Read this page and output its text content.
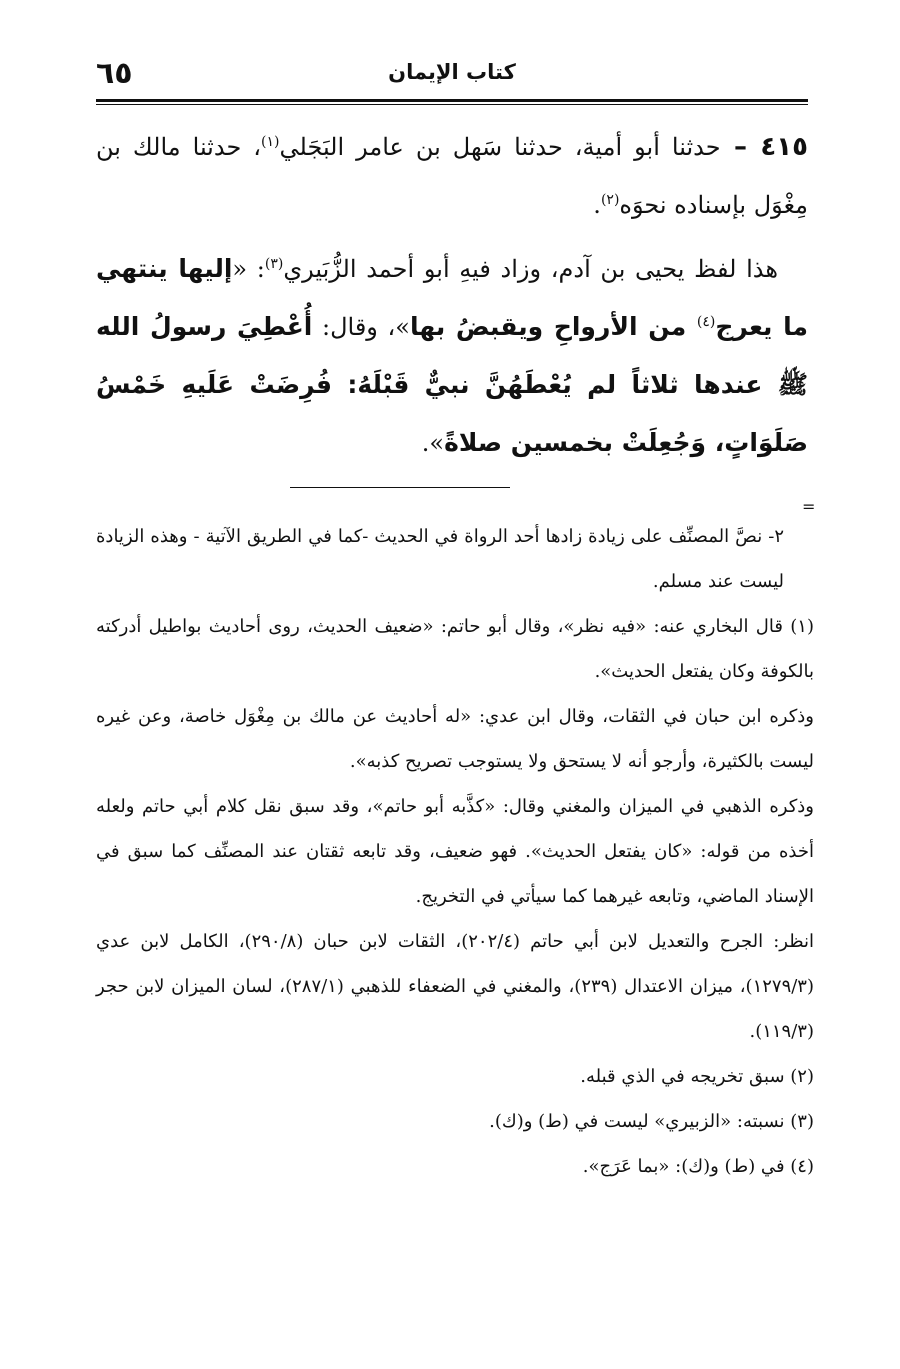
كتاب الإيمان
٦٥

٤١٥ – حدثنا أبو أمية، حدثنا سَهل بن عامر البَجَلي$^{(١)}$، حدثنا مالك بن مِغْوَل بإسناده نحوَه$^{(٢)}$.

هذا لفظ يحيى بن آدم، وزاد فيهِ أبو أحمد الزُّبَيري$^{(٣)}$: «إليها ينتهي ما يعرج$^{(٤)}$ من الأرواحِ ويقبضُ بها»، وقال: أُعْطِيَ رسولُ الله ﷺ عندها ثلاثاً لم يُعْطَهُنَّ نبيٌّ قَبْلَهُ: فُرِضَتْ عَلَيهِ خَمْسُ صَلَوَاتٍ، وَجُعِلَتْ بخمسين صلاةً».

=

٢- نصَّ المصنِّف على زيادة زادها أحد الرواة في الحديث -كما في الطريق الآتية - وهذه الزيادة ليست عند مسلم.

(١) قال البخاري عنه: «فيه نظر»، وقال أبو حاتم: «ضعيف الحديث، روى أحاديث بواطيل أدركته بالكوفة وكان يفتعل الحديث».

وذكره ابن حبان في الثقات، وقال ابن عدي: «له أحاديث عن مالك بن مِغْوَل خاصة، وعن غيره ليست بالكثيرة، وأرجو أنه لا يستحق ولا يستوجب تصريح كذبه».

وذكره الذهبي في الميزان والمغني وقال: «كذَّبه أبو حاتم»، وقد سبق نقل كلام أبي حاتم ولعله أخذه من قوله: «كان يفتعل الحديث». فهو ضعيف، وقد تابعه ثقتان عند المصنِّف كما سبق في الإسناد الماضي، وتابعه غيرهما كما سيأتي في التخريج.

انظر: الجرح والتعديل لابن أبي حاتم (٢٠٢/٤)، الثقات لابن حبان (٢٩٠/٨)، الكامل لابن عدي (١٢٧٩/٣)، ميزان الاعتدال (٢٣٩)، والمغني في الضعفاء للذهبي (٢٨٧/١)، لسان الميزان لابن حجر (١١٩/٣).

(٢) سبق تخريجه في الذي قبله.

(٣) نسبته: «الزبيري» ليست في (ط) و(ك).

(٤) في (ط) و(ك): «بما عَرَج».
